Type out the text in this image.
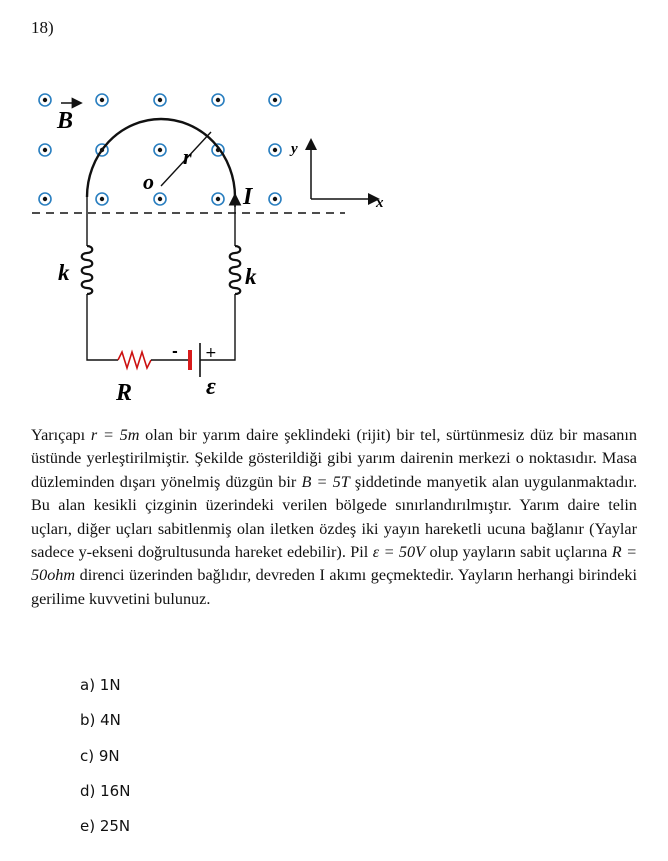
18)
B
r
o
I
y
x
k	k
- +
R	ε
Yarıçapı r = 5m olan bir yarım daire şeklindeki (rijit) bir tel, sürtünmesiz düz bir masanın üstünde yerleştirilmiştir. Şekilde gösterildiği gibi yarım dairenin merkezi o noktasıdır. Masa düzleminden dışarı yönelmiş düzgün bir B = 5T şiddetinde manyetik alan uygulanmaktadır. Bu alan kesikli çizginin üzerindeki verilen bölgede sınırlandırılmıştır. Yarım daire telin uçları, diğer uçları sabitlenmiş olan iletken özdeş iki yayın hareketli ucuna bağlanır (Yaylar sadece y-ekseni doğrultusunda hareket edebilir). Pil ε = 50V olup yayların sabit uçlarına R = 50ohm direnci üzerinden bağlıdır, devreden I akımı geçmektedir. Yayların herhangi birindeki gerilime kuvvetini bulunuz.
a) 1N
b) 4N
c) 9N
d) 16N
e) 25N
